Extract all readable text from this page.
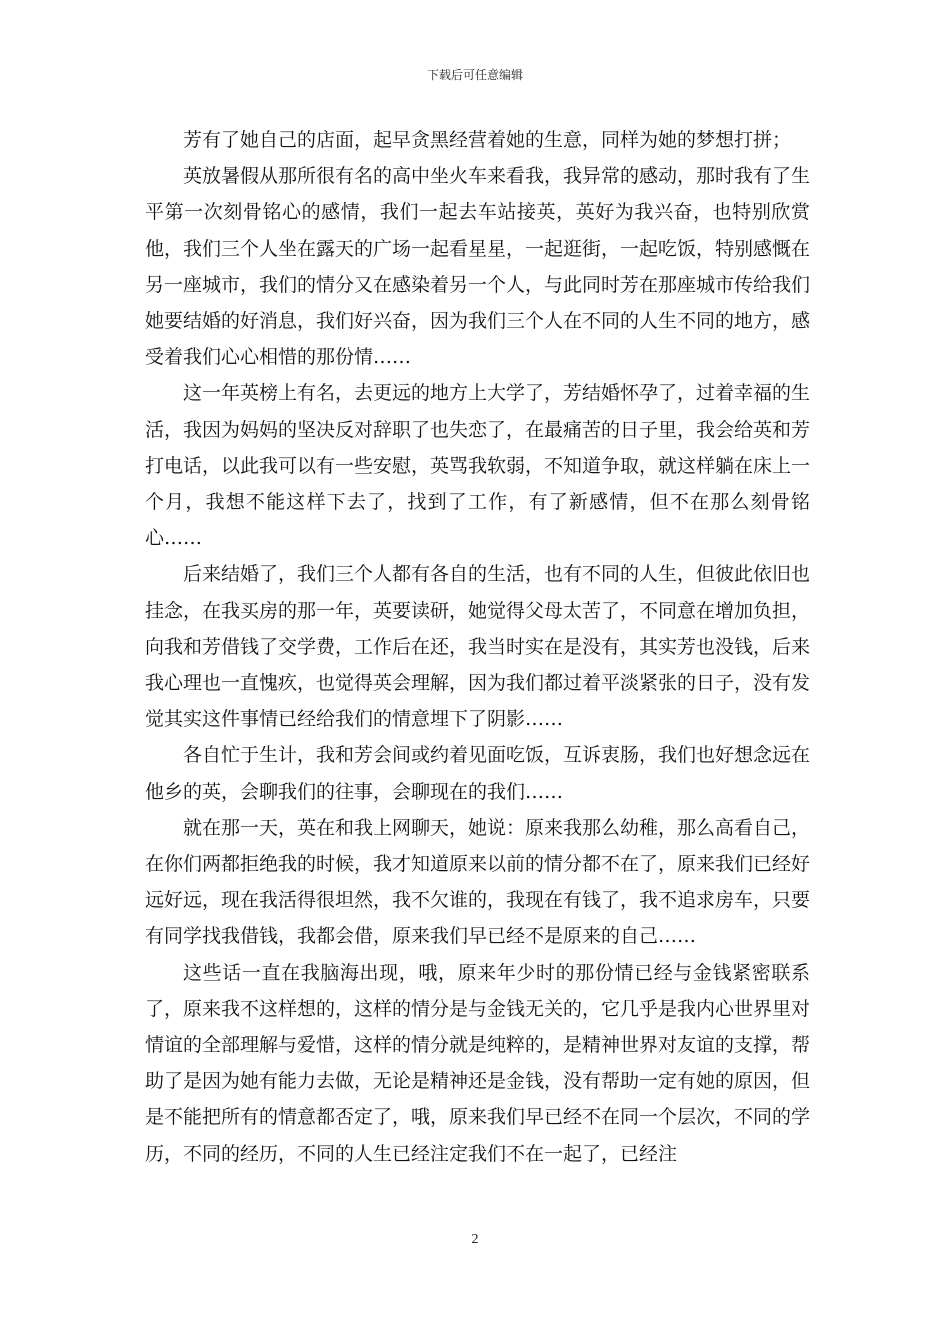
下载后可任意编辑

芳有了她自己的店面，起早贪黑经营着她的生意，同样为她的梦想打拼；

英放暑假从那所很有名的高中坐火车来看我，我异常的感动，那时我有了生平第一次刻骨铭心的感情，我们一起去车站接英，英好为我兴奋，也特别欣赏他，我们三个人坐在露天的广场一起看星星，一起逛街，一起吃饭，特别感慨在另一座城市，我们的情分又在感染着另一个人，与此同时芳在那座城市传给我们她要结婚的好消息，我们好兴奋，因为我们三个人在不同的人生不同的地方，感受着我们心心相惜的那份情……

这一年英榜上有名，去更远的地方上大学了，芳结婚怀孕了，过着幸福的生活，我因为妈妈的坚决反对辞职了也失恋了，在最痛苦的日子里，我会给英和芳打电话，以此我可以有一些安慰，英骂我软弱，不知道争取，就这样躺在床上一个月，我想不能这样下去了，找到了工作，有了新感情，但不在那么刻骨铭心……

后来结婚了，我们三个人都有各自的生活，也有不同的人生，但彼此依旧也挂念，在我买房的那一年，英要读研，她觉得父母太苦了，不同意在增加负担，向我和芳借钱了交学费，工作后在还，我当时实在是没有，其实芳也没钱，后来我心理也一直愧疚，也觉得英会理解，因为我们都过着平淡紧张的日子，没有发觉其实这件事情已经给我们的情意埋下了阴影……

各自忙于生计，我和芳会间或约着见面吃饭，互诉衷肠，我们也好想念远在他乡的英，会聊我们的往事，会聊现在的我们……

就在那一天，英在和我上网聊天，她说：原来我那么幼稚，那么高看自己，在你们两都拒绝我的时候，我才知道原来以前的情分都不在了，原来我们已经好远好远，现在我活得很坦然，我不欠谁的，我现在有钱了，我不追求房车，只要有同学找我借钱，我都会借，原来我们早已经不是原来的自己……

这些话一直在我脑海出现，哦，原来年少时的那份情已经与金钱紧密联系了，原来我不这样想的，这样的情分是与金钱无关的，它几乎是我内心世界里对情谊的全部理解与爱惜，这样的情分就是纯粹的，是精神世界对友谊的支撑，帮助了是因为她有能力去做，无论是精神还是金钱，没有帮助一定有她的原因，但是不能把所有的情意都否定了，哦，原来我们早已经不在同一个层次，不同的学历，不同的经历，不同的人生已经注定我们不在一起了，已经注

2
